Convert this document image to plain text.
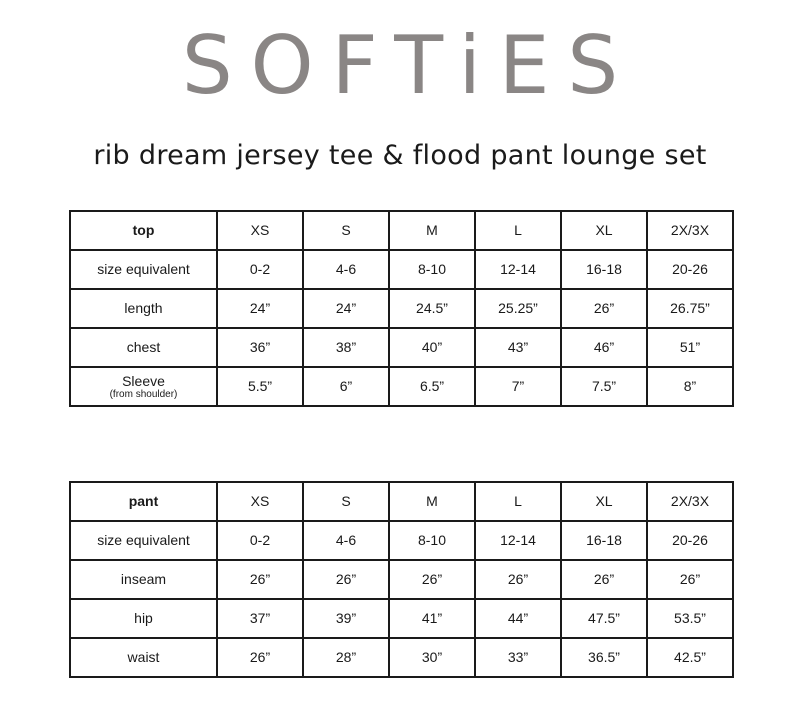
SOFTiES
rib dream jersey tee & flood pant lounge set
top	XS	S	M	L	XL	2X/3X
size equivalent	0-2	4-6	8-10	12-14	16-18	20-26
length	24”	24”	24.5”	25.25”	26”	26.75”
chest	36”	38”	40”	43”	46”	51”
Sleeve
(from shoulder)	5.5”	6”	6.5”	7”	7.5”	8”
pant	XS	S	M	L	XL	2X/3X
size equivalent	0-2	4-6	8-10	12-14	16-18	20-26
inseam	26”	26”	26”	26”	26”	26”
hip	37”	39”	41”	44”	47.5”	53.5”
waist	26”	28”	30”	33”	36.5”	42.5”
